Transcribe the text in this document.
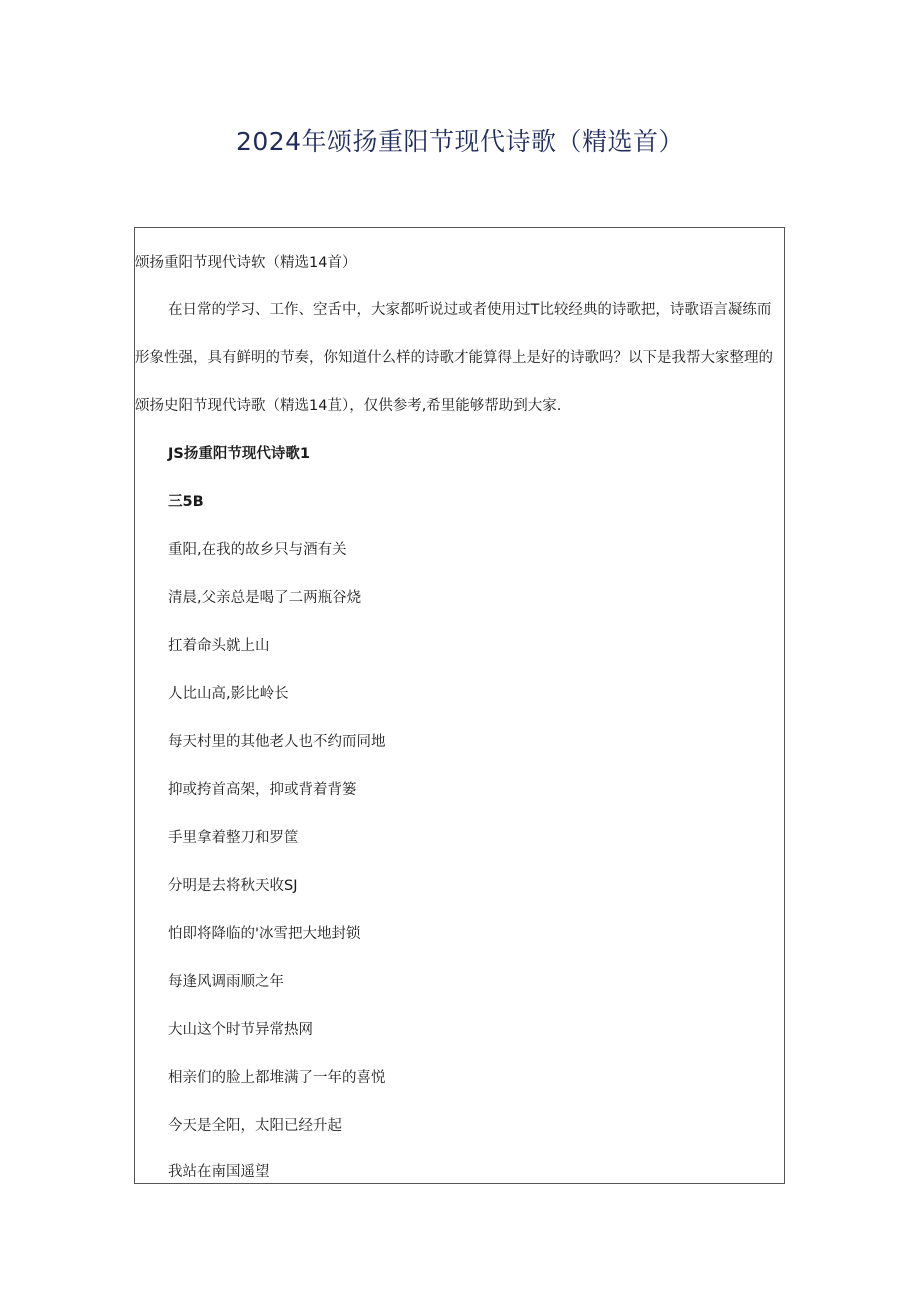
2024年颂扬重阳节现代诗歌（精选首）
颂扬重阳节现代诗软（精选14首）
在日常的学习、工作、空舌中，大家都听说过或者使用过T比较经典的诗歌把，诗歌语言凝练而
形象性强，具有鲜明的节奏，你知道什么样的诗歌才能算得上是好的诗歌吗？以下是我帮大家整理的
颂扬史阳节现代诗歌（精选14苴），仅供参考,希里能够帮助到大家.
JS扬重阳节现代诗歌1
三5B
重阳,在我的故乡只与酒有关
清晨,父亲总是喝了二两瓶谷烧
扛着命头就上山
人比山高,影比岭长
每天村里的其他老人也不约而同地
抑或挎首高架，抑或背着背篓
手里拿着整刀和罗筐
分明是去将秋天收SJ
怕即将降临的'冰雪把大地封锁
每逢风调雨顺之年
大山这个时节异常热网
相亲们的脸上都堆满了一年的喜悦
今天是全阳，太阳已经升起
我站在南国遥望
